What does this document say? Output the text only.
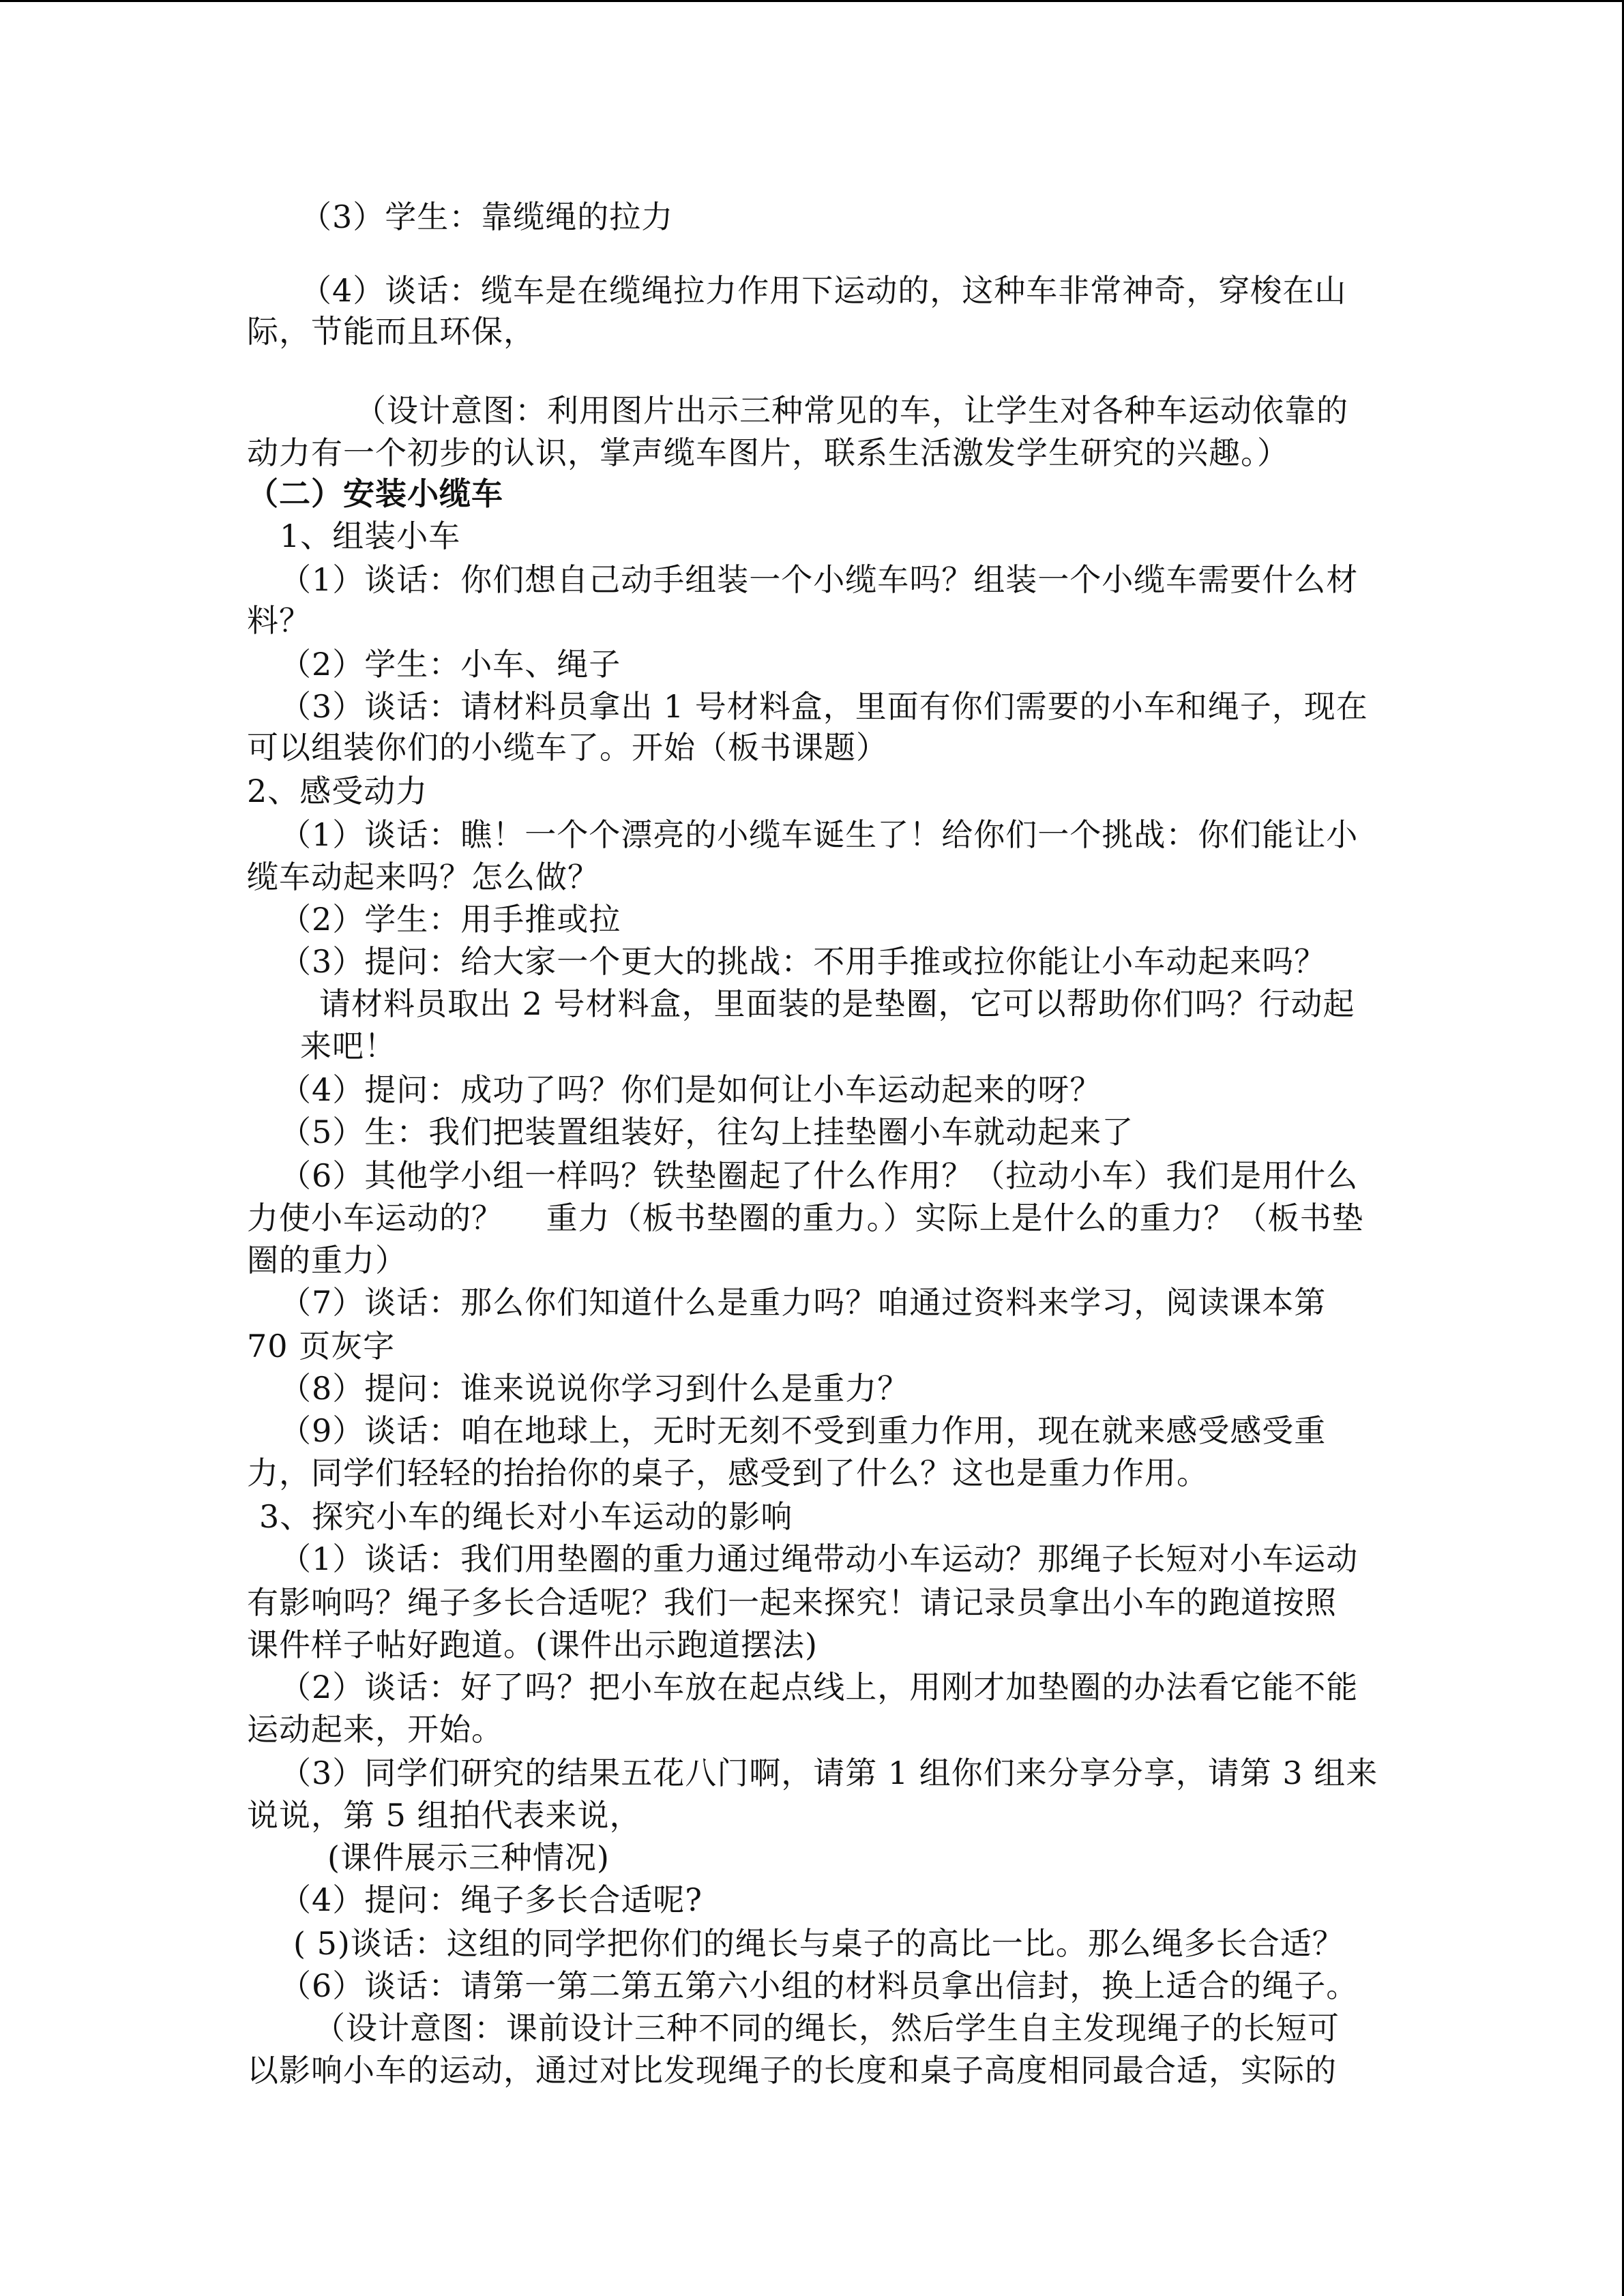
（3）学生：靠缆绳的拉力
（4）谈话：缆车是在缆绳拉力作用下运动的，这种车非常神奇，穿梭在山
际，节能而且环保，
（设计意图：利用图片出示三种常见的车，让学生对各种车运动依靠的
动力有一个初步的认识，掌声缆车图片，联系生活激发学生研究的兴趣。）
（二）安装小缆车
1、组装小车
（1）谈话：你们想自己动手组装一个小缆车吗？组装一个小缆车需要什么材
料？
（2）学生：小车、绳子
（3）谈话：请材料员拿出 1 号材料盒，里面有你们需要的小车和绳子，现在
可以组装你们的小缆车了。开始（板书课题）
2、感受动力
（1）谈话：瞧！一个个漂亮的小缆车诞生了！给你们一个挑战：你们能让小
缆车动起来吗？怎么做？
（2）学生：用手推或拉
（3）提问：给大家一个更大的挑战：不用手推或拉你能让小车动起来吗？
请材料员取出 2 号材料盒，里面装的是垫圈，它可以帮助你们吗？行动起
来吧！
（4）提问：成功了吗？你们是如何让小车运动起来的呀？
（5）生：我们把装置组装好，往勾上挂垫圈小车就动起来了
（6）其他学小组一样吗？铁垫圈起了什么作用？（拉动小车）我们是用什么
力使小车运动的？　 重力（板书垫圈的重力。）实际上是什么的重力？（板书垫
圈的重力）
（7）谈话：那么你们知道什么是重力吗？咱通过资料来学习，阅读课本第
70 页灰字
（8）提问：谁来说说你学习到什么是重力？
（9）谈话：咱在地球上，无时无刻不受到重力作用，现在就来感受感受重
力，同学们轻轻的抬抬你的桌子，感受到了什么？这也是重力作用。
3、探究小车的绳长对小车运动的影响
（1）谈话：我们用垫圈的重力通过绳带动小车运动？那绳子长短对小车运动
有影响吗？绳子多长合适呢？我们一起来探究！请记录员拿出小车的跑道按照
课件样子帖好跑道。(课件出示跑道摆法)
（2）谈话：好了吗？把小车放在起点线上，用刚才加垫圈的办法看它能不能
运动起来，开始。
（3）同学们研究的结果五花八门啊，请第 1 组你们来分享分享，请第 3 组来
说说，第 5 组拍代表来说，
(课件展示三种情况)
（4）提问：绳子多长合适呢?
( 5)谈话：这组的同学把你们的绳长与桌子的高比一比。那么绳多长合适？
（6）谈话：请第一第二第五第六小组的材料员拿出信封，换上适合的绳子。
（设计意图：课前设计三种不同的绳长，然后学生自主发现绳子的长短可
以影响小车的运动，通过对比发现绳子的长度和桌子高度相同最合适，实际的
